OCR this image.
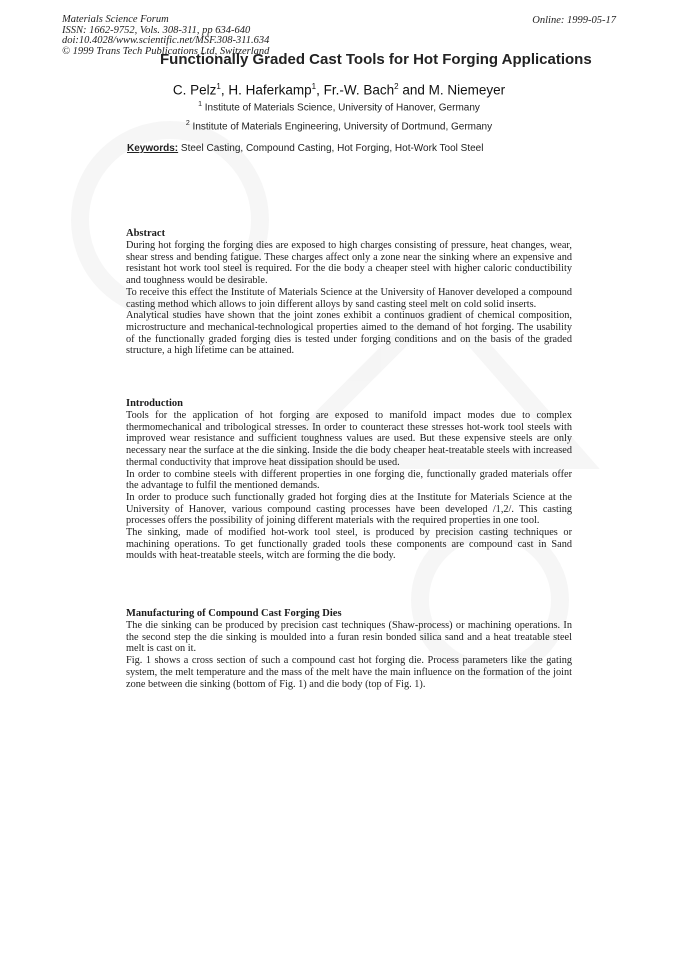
Materials Science Forum
ISSN: 1662-9752, Vols. 308-311, pp 634-640
doi:10.4028/www.scientific.net/MSF.308-311.634
© 1999 Trans Tech Publications Ltd, Switzerland
Online: 1999-05-17
Functionally Graded Cast Tools for Hot Forging Applications
C. Pelz$^1$, H. Haferkamp$^1$, Fr.-W. Bach$^2$ and M. Niemeyer
$^1$ Institute of Materials Science, University of Hanover, Germany
$^2$ Institute of Materials Engineering, University of Dortmund, Germany
Keywords: Steel Casting, Compound Casting, Hot Forging, Hot-Work Tool Steel
Abstract

During hot forging the forging dies are exposed to high charges consisting of pressure, heat changes, wear, shear stress and bending fatigue. These charges affect only a zone near the sinking where an expensive and resistant hot work tool steel is required. For the die body a cheaper steel with higher caloric conductibility and toughness would be desirable.

To receive this effect the Institute of Materials Science at the University of Hanover developed a compound casting method which allows to join different alloys by sand casting steel melt on cold solid inserts.

Analytical studies have shown that the joint zones exhibit a continuos gradient of chemical composition, microstructure and mechanical-technological properties aimed to the demand of hot forging. The usability of the functionally graded forging dies is tested under forging conditions and on the basis of the graded structure, a high lifetime can be attained.

Introduction

Tools for the application of hot forging are exposed to manifold impact modes due to complex thermomechanical and tribological stresses. In order to counteract these stresses hot-work tool steels with improved wear resistance and sufficient toughness values are used. But these expensive steels are only necessary near the surface at the die sinking. Inside the die body cheaper heat-treatable steels with increased thermal conductivity that improve heat dissipation should be used.

In order to combine steels with different properties in one forging die, functionally graded materials offer the advantage to fulfil the mentioned demands.

In order to produce such functionally graded hot forging dies at the Institute for Materials Science at the University of Hanover, various compound casting processes have been developed /1,2/. This casting processes offers the possibility of joining different materials with the required properties in one tool.

The sinking, made of modified hot-work tool steel, is produced by precision casting techniques or machining operations. To get functionally graded tools these components are compound cast in Sand moulds with heat-treatable steels, witch are forming the die body.

Manufacturing of Compound Cast Forging Dies

The die sinking can be produced by precision cast techniques (Shaw-process) or machining operations. In the second step the die sinking is moulded into a furan resin bonded silica sand and a heat treatable steel melt is cast on it.

Fig. 1 shows a cross section of such a compound cast hot forging die. Process parameters like the gating system, the melt temperature and the mass of the melt have the main influence on the formation of the joint zone between die sinking (bottom of Fig. 1) and die body (top of Fig. 1).
